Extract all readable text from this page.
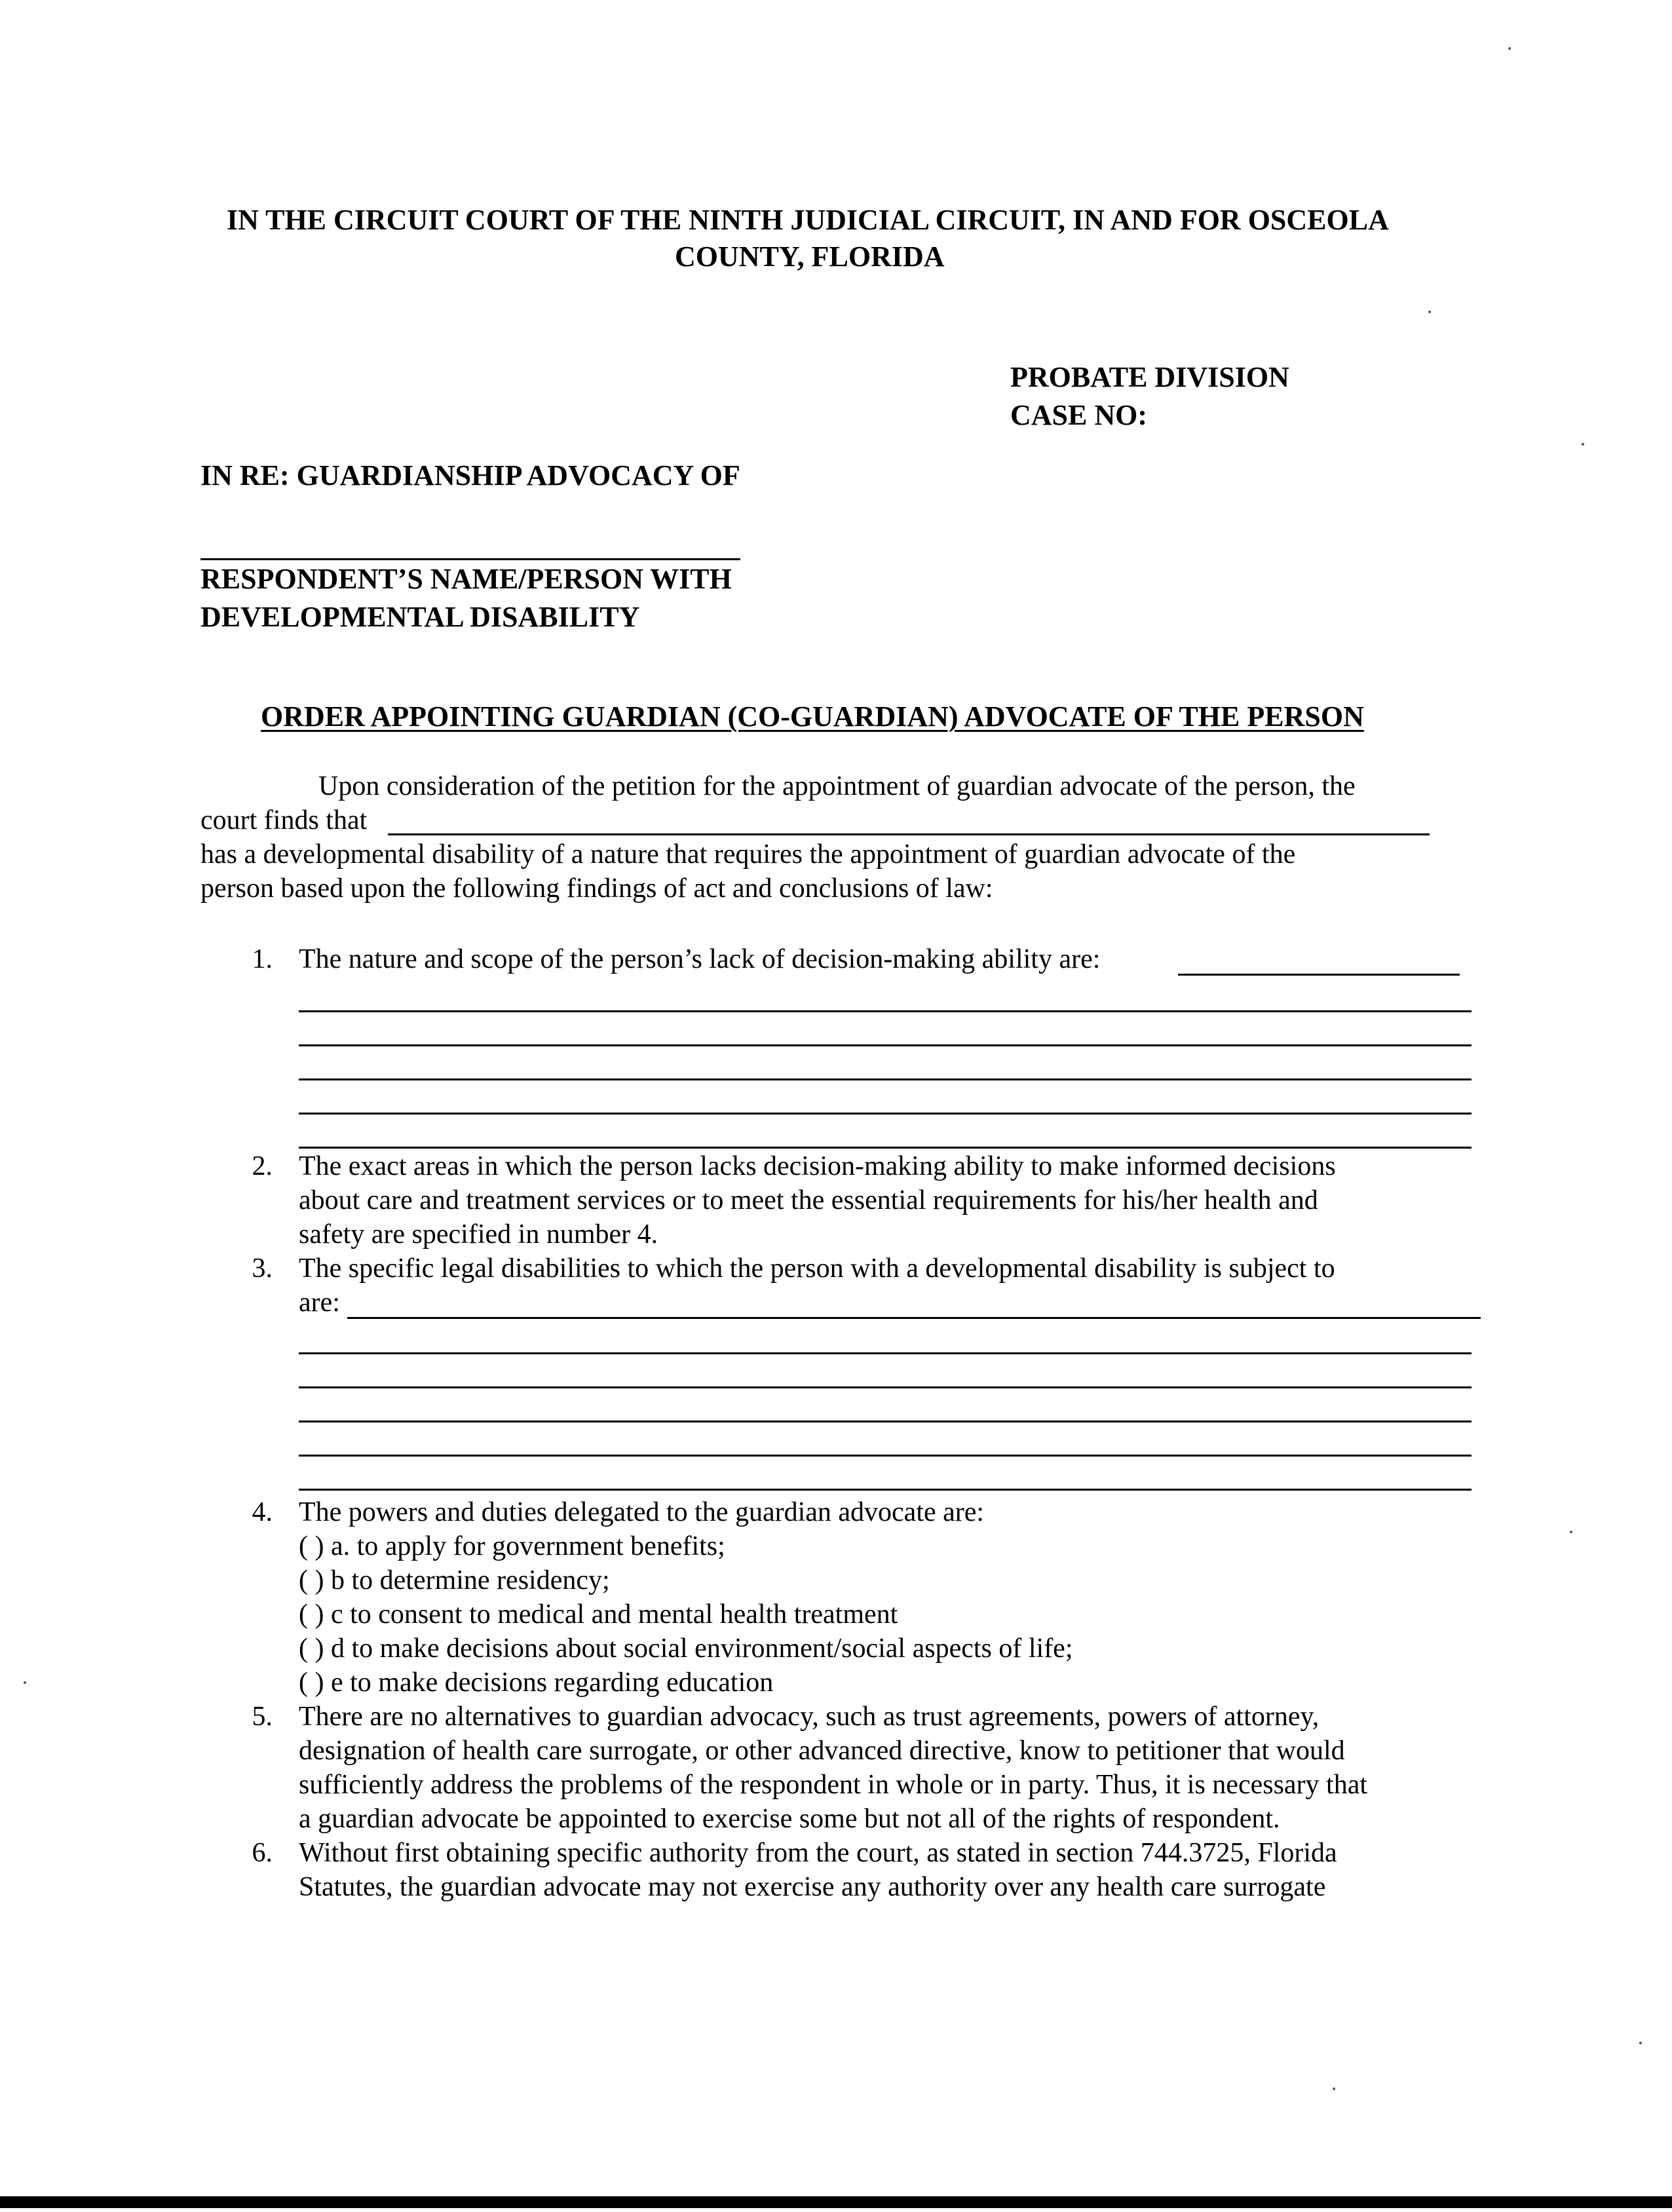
IN THE CIRCUIT COURT OF THE NINTH JUDICIAL CIRCUIT, IN AND FOR OSCEOLA
COUNTY, FLORIDA
PROBATE DIVISION
CASE NO:
IN RE: GUARDIANSHIP ADVOCACY OF
RESPONDENT’S NAME/PERSON WITH
DEVELOPMENTAL DISABILITY
ORDER APPOINTING GUARDIAN (CO-GUARDIAN) ADVOCATE OF THE PERSON
Upon consideration of the petition for the appointment of guardian advocate of the person, the
court finds that
has a developmental disability of a nature that requires the appointment of guardian advocate of the
person based upon the following findings of act and conclusions of law:
1. The nature and scope of the person’s lack of decision-making ability are:
2. The exact areas in which the person lacks decision-making ability to make informed decisions
about care and treatment services or to meet the essential requirements for his/her health and
safety are specified in number 4.
3. The specific legal disabilities to which the person with a developmental disability is subject to
are:
4. The powers and duties delegated to the guardian advocate are:
( ) a. to apply for government benefits;
( ) b to determine residency;
( ) c to consent to medical and mental health treatment
( ) d to make decisions about social environment/social aspects of life;
( ) e to make decisions regarding education
5. There are no alternatives to guardian advocacy, such as trust agreements, powers of attorney,
designation of health care surrogate, or other advanced directive, know to petitioner that would
sufficiently address the problems of the respondent in whole or in party. Thus, it is necessary that
a guardian advocate be appointed to exercise some but not all of the rights of respondent.
6. Without first obtaining specific authority from the court, as stated in section 744.3725, Florida
Statutes, the guardian advocate may not exercise any authority over any health care surrogate
